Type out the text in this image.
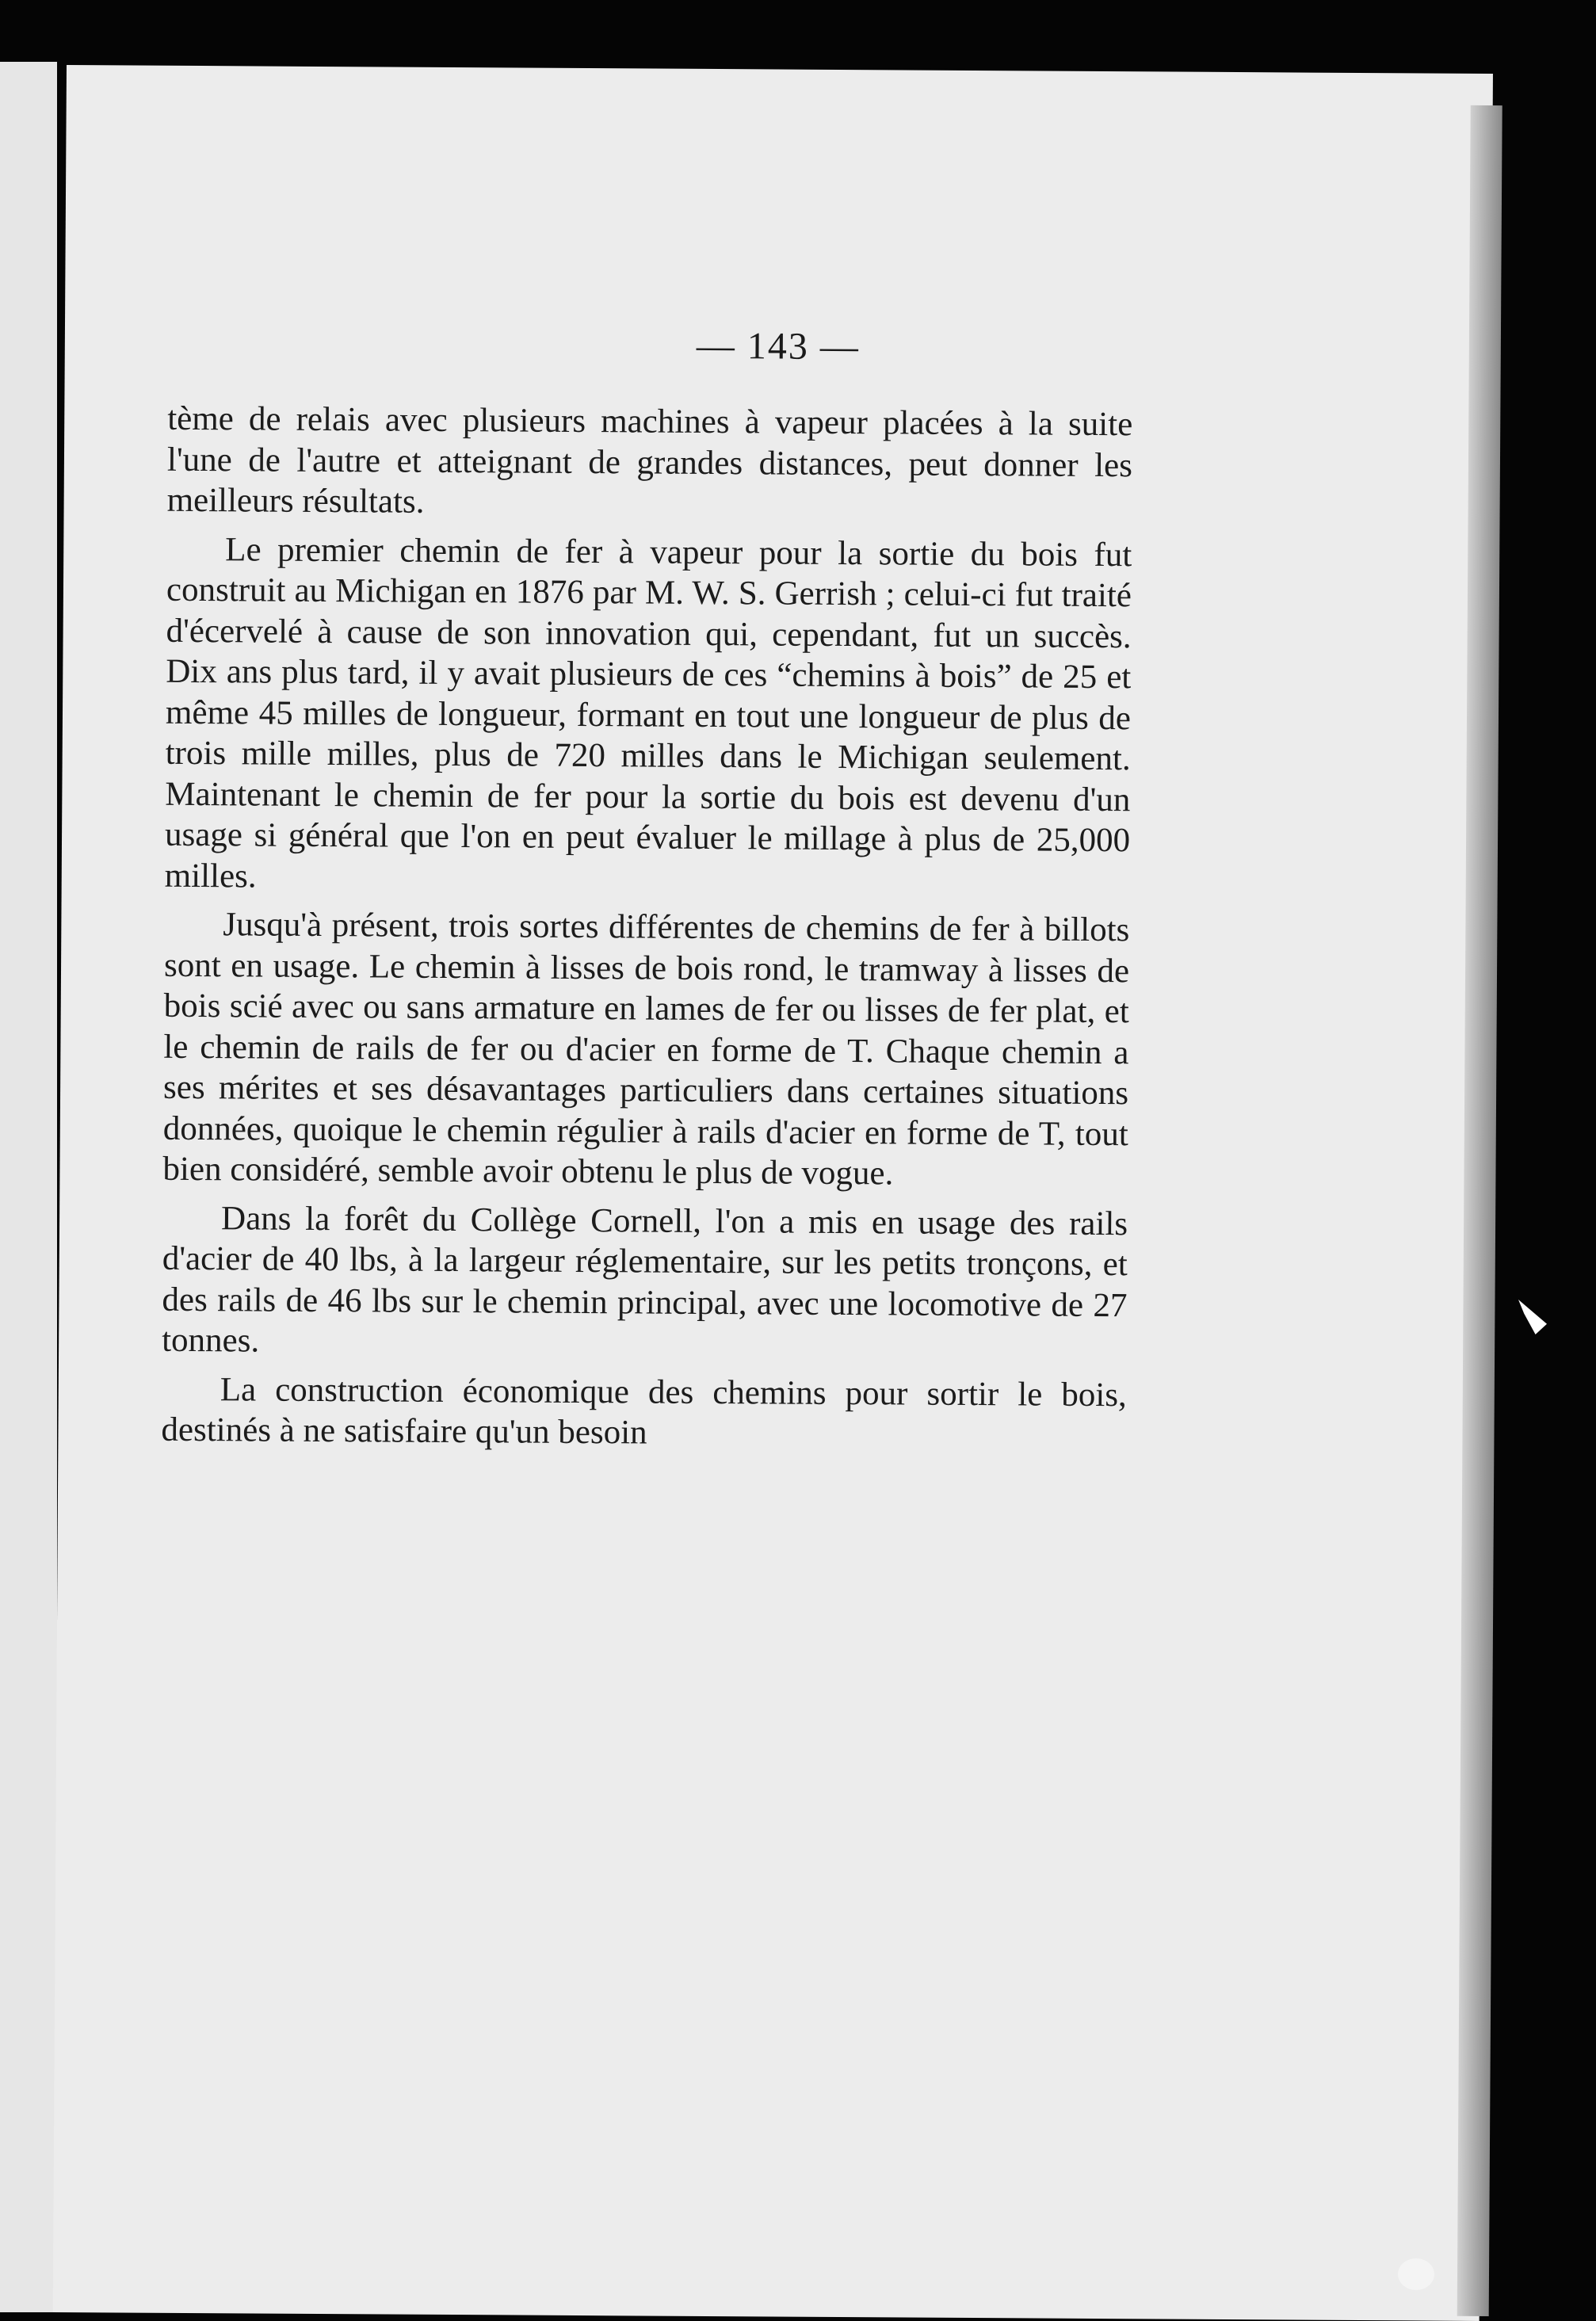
— 143 —

tème de relais avec plusieurs machines à vapeur placées à la suite l'une de l'autre et atteignant de grandes distances, peut donner les meilleurs résultats.

Le premier chemin de fer à vapeur pour la sortie du bois fut construit au Michigan en 1876 par M. W. S. Gerrish ; celui-ci fut traité d'écervelé à cause de son innovation qui, cependant, fut un succès. Dix ans plus tard, il y avait plusieurs de ces “chemins à bois” de 25 et même 45 milles de longueur, formant en tout une longueur de plus de trois mille milles, plus de 720 milles dans le Michigan seulement. Maintenant le chemin de fer pour la sortie du bois est devenu d'un usage si général que l'on en peut évaluer le millage à plus de 25,000 milles.

Jusqu'à présent, trois sortes différentes de chemins de fer à billots sont en usage. Le chemin à lisses de bois rond, le tramway à lisses de bois scié avec ou sans armature en lames de fer ou lisses de fer plat, et le chemin de rails de fer ou d'acier en forme de T. Chaque chemin a ses mérites et ses désavantages particuliers dans certaines situations données, quoique le chemin régulier à rails d'acier en forme de T, tout bien considéré, semble avoir obtenu le plus de vogue.

Dans la forêt du Collège Cornell, l'on a mis en usage des rails d'acier de 40 lbs, à la largeur réglementaire, sur les petits tronçons, et des rails de 46 lbs sur le chemin principal, avec une locomotive de 27 tonnes.

La construction économique des chemins pour sortir le bois, destinés à ne satisfaire qu'un besoin
